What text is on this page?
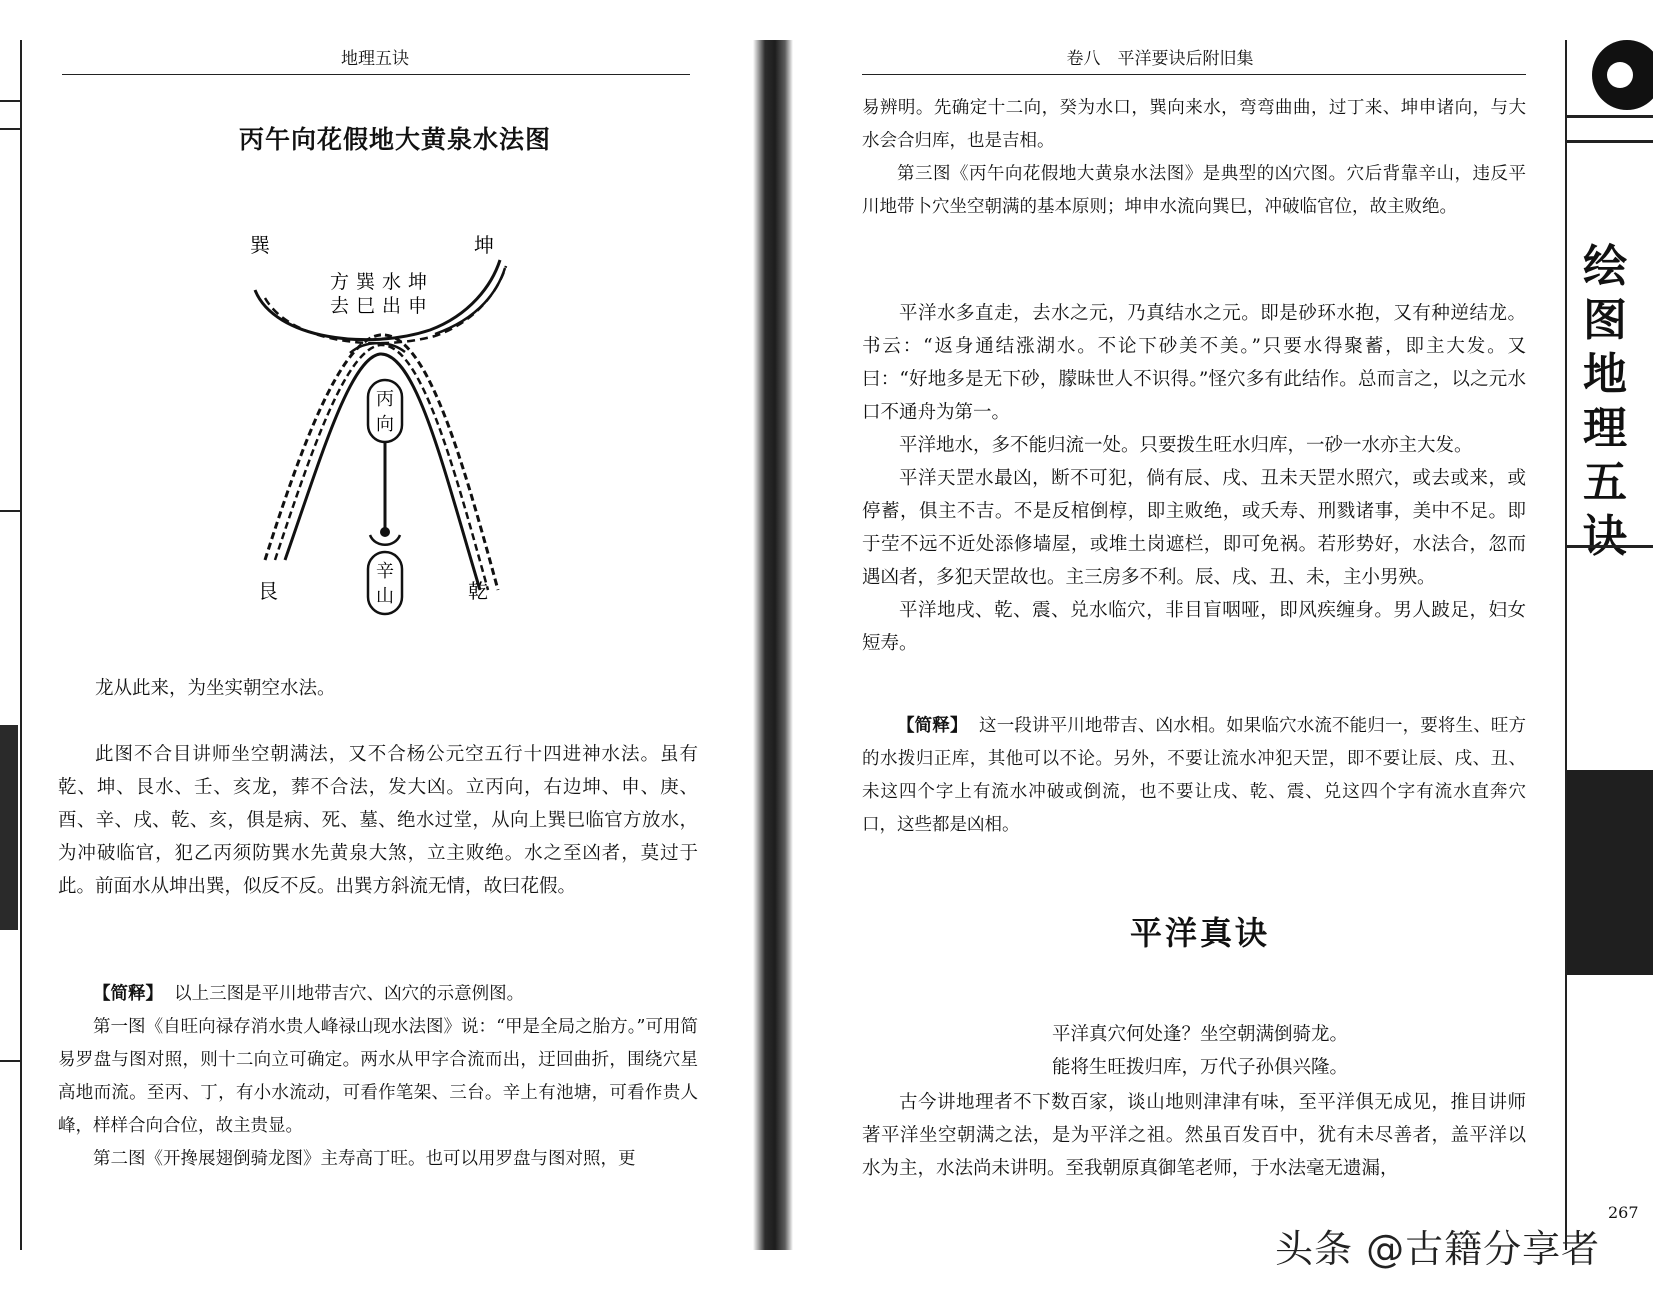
地理五诀
丙午向花假地大黄泉水法图
巽	坤
艮	乾
方
去
巽
巳
水
出
坤
申
丙
向
辛
山
龙从此来，为坐实朝空水法。

此图不合目讲师坐空朝满法，又不合杨公元空五行十四进神水法。虽有乾、坤、艮水、壬、亥龙，葬不合法，发大凶。立丙向，右边坤、申、庚、酉、辛、戌、乾、亥，俱是病、死、墓、绝水过堂，从向上巽巳临官方放水，为冲破临官，犯乙丙须防巽水先黄泉大煞，立主败绝。水之至凶者，莫过于此。前面水从坤出巽，似反不反。出巽方斜流无情，故曰花假。

【简释】 以上三图是平川地带吉穴、凶穴的示意例图。

第一图《自旺向禄存消水贵人峰禄山现水法图》说：“甲是全局之胎方。”可用简易罗盘与图对照，则十二向立可确定。两水从甲字合流而出，迂回曲折，围绕穴星高地而流。至丙、丁，有小水流动，可看作笔架、三台。辛上有池塘，可看作贵人峰，样样合向合位，故主贵显。

第二图《开搀展翅倒骑龙图》主寿高丁旺。也可以用罗盘与图对照，更

卷八　平洋要诀后附旧集

易辨明。先确定十二向，癸为水口，巽向来水，弯弯曲曲，过丁来、坤申诸向，与大水会合归库，也是吉相。

第三图《丙午向花假地大黄泉水法图》是典型的凶穴图。穴后背靠辛山，违反平川地带卜穴坐空朝满的基本原则；坤申水流向巽巳，冲破临官位，故主败绝。

平洋水多直走，去水之元，乃真结水之元。即是砂环水抱，又有种逆结龙。书云：“返身通结涨湖水。不论下砂美不美。”只要水得聚蓄，即主大发。又曰：“好地多是无下砂，朦昧世人不识得。”怪穴多有此结作。总而言之，以之元水口不通舟为第一。

平洋地水，多不能归流一处。只要拨生旺水归库，一砂一水亦主大发。

平洋天罡水最凶，断不可犯，倘有辰、戌、丑未天罡水照穴，或去或来，或停蓄，俱主不吉。不是反棺倒椁，即主败绝，或夭寿、刑戮诸事，美中不足。即于茔不远不近处添修墙屋，或堆土岗遮栏，即可免祸。若形势好，水法合，忽而遇凶者，多犯天罡故也。主三房多不利。辰、戌、丑、未，主小男殃。

平洋地戌、乾、震、兑水临穴，非目盲咽哑，即风疾缠身。男人跛足，妇女短寿。

【简释】 这一段讲平川地带吉、凶水相。如果临穴水流不能归一，要将生、旺方的水拨归正库，其他可以不论。另外，不要让流水冲犯天罡，即不要让辰、戌、丑、未这四个字上有流水冲破或倒流，也不要让戌、乾、震、兑这四个字有流水直奔穴口，这些都是凶相。

平洋真诀
平洋真穴何处逢？坐空朝满倒骑龙。
能将生旺拨归库，万代子孙俱兴隆。

古今讲地理者不下数百家，谈山地则津津有味，至平洋俱无成见，推目讲师著平洋坐空朝满之法，是为平洋之祖。然虽百发百中，犹有未尽善者，盖平洋以水为主，水法尚未讲明。至我朝原真御笔老师，于水法毫无遗漏，

绘
图
地
理
五
诀
267
头条 @古籍分享者
